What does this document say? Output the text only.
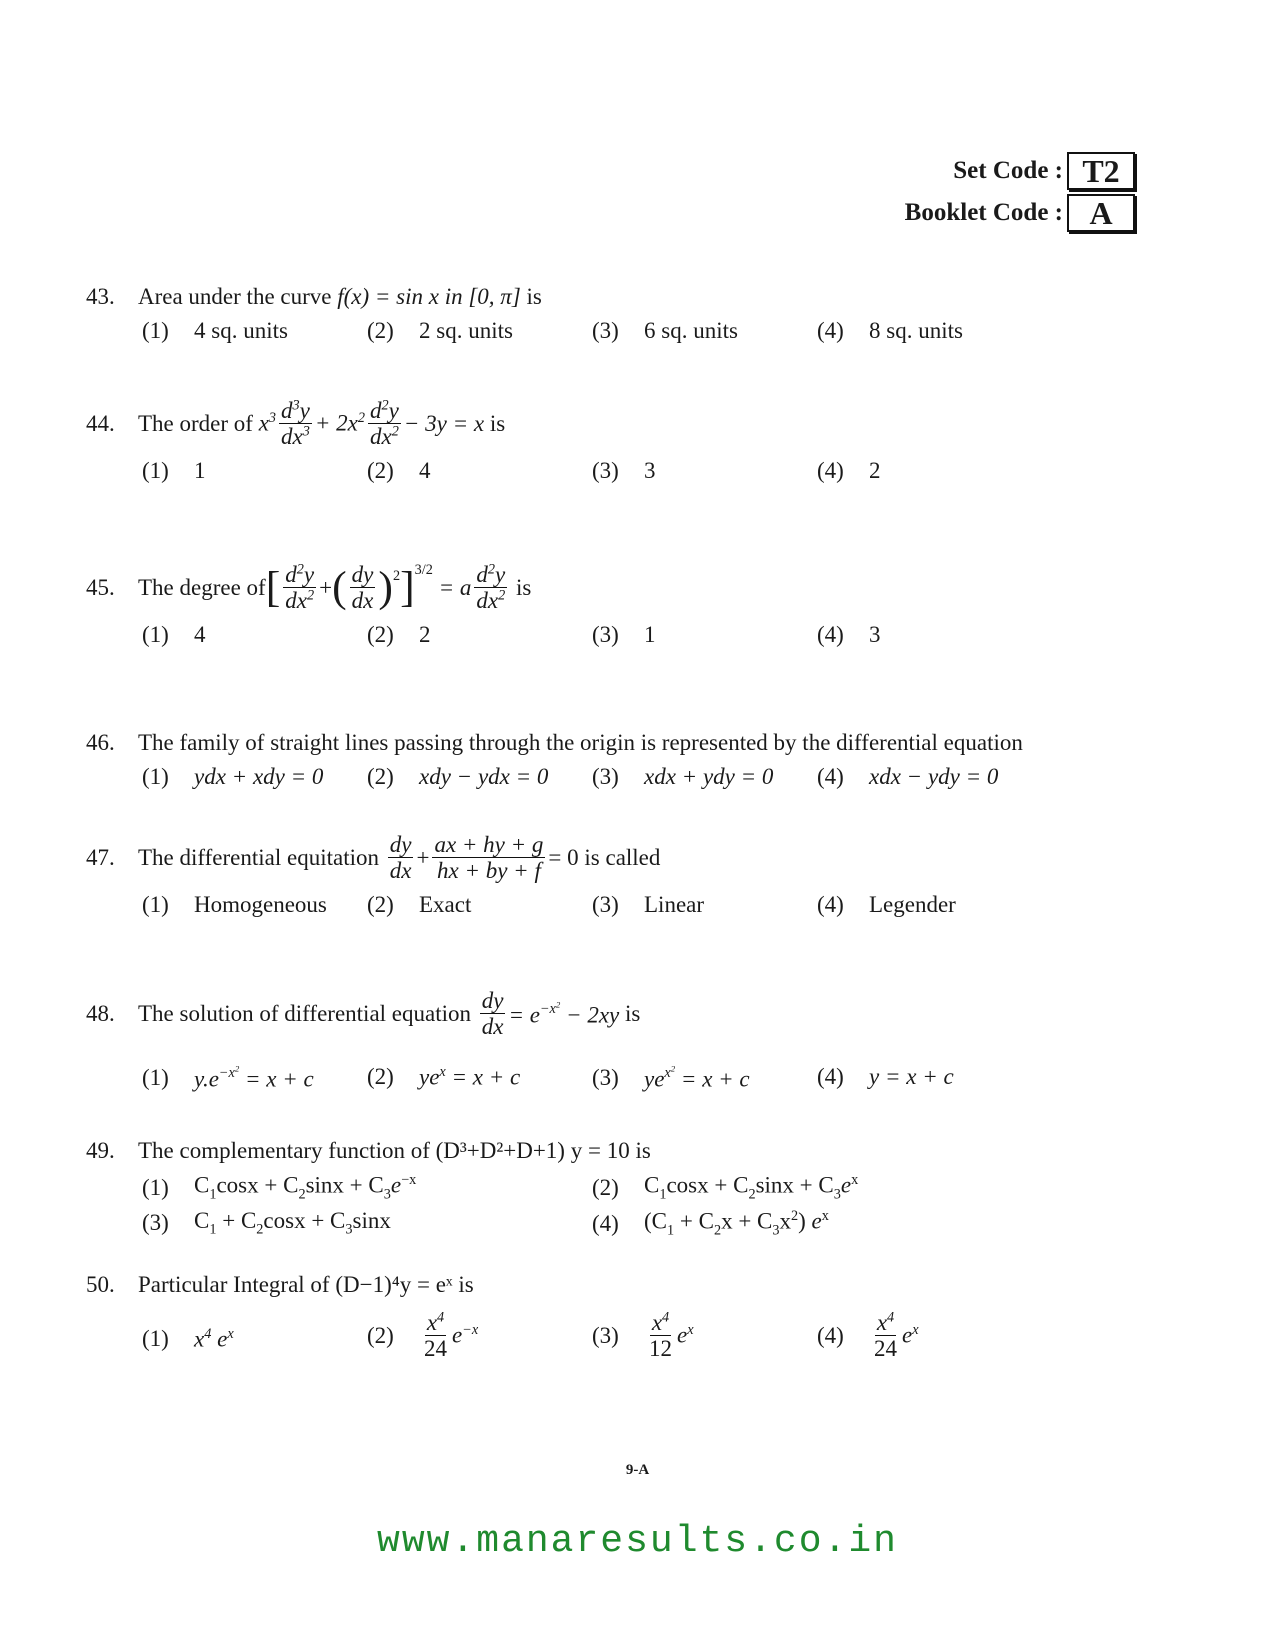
Set Code : T2
Booklet Code : A
43.	Area under the curve
f(x) = sin x in [0, π]
is
(1)	4 sq. units	(2)	2 sq. units	(3)	6 sq. units	(4)	8 sq. units
44.	The order of
$x^3 \frac{d^3y}{dx^3} + 2x^2 \frac{d^2y}{dx^2} - 3y = x$
is
(1)	1	(2)	4	(3)	3	(4)	2
45.	The degree of [ $\frac{d^2y}{dx^2}$ + ( $\frac{dy}{dx} )^2$ ]$^{3/2}$
= a $\frac{d^2y}{dx^2}$
is
(1)	4	(2)	2	(3)	1	(4)	3
46.	The family of straight lines passing through the origin is represented by the differential equation
(1)	ydx + xdy = 0 (2)	xdy − ydx = 0 (3)	xdx + ydy = 0 (4)	xdx − ydy = 0
47.	The differential equitation
$\frac{dy}{dx} + \frac{ax + hy + g}{hx + by + f} = 0$
is called
(1)	Homogeneous (2)	Exact	(3)	Linear	(4)	Legender
48.	The solution of differential equation
$\frac{dy}{dx} = e^{-x^2} - 2xy$
is
(1)	$y.e^{-x^2} = x + c$ (2)	$ye^x = x + c$	(3)	$ye^{x^2} = x + c$	(4)	y = x + c
49.	The complementary function of (D³+D²+D+1) y = 10 is
(1)	$C_1\cos x + C_2\sin x + C_3e^{-x}$	(2)	$C_1\cos x + C_2\sin x + C_3e^x$
(3)	$C_1 + C_2\cos x + C_3\sin x$	(4)	$(C_1 + C_2x + C_3x^2)$ $e^x$
50.	Particular Integral of (D−1)⁴y = eˣ is
(1)	$x^4$ $e^x$	(2)	$\frac{x^4}{24} e^{-x}$	(3)	$\frac{x^4}{12} e^x$	(4)	$\frac{x^4}{24} e^x$
9-A
www.manaresults.co.in
